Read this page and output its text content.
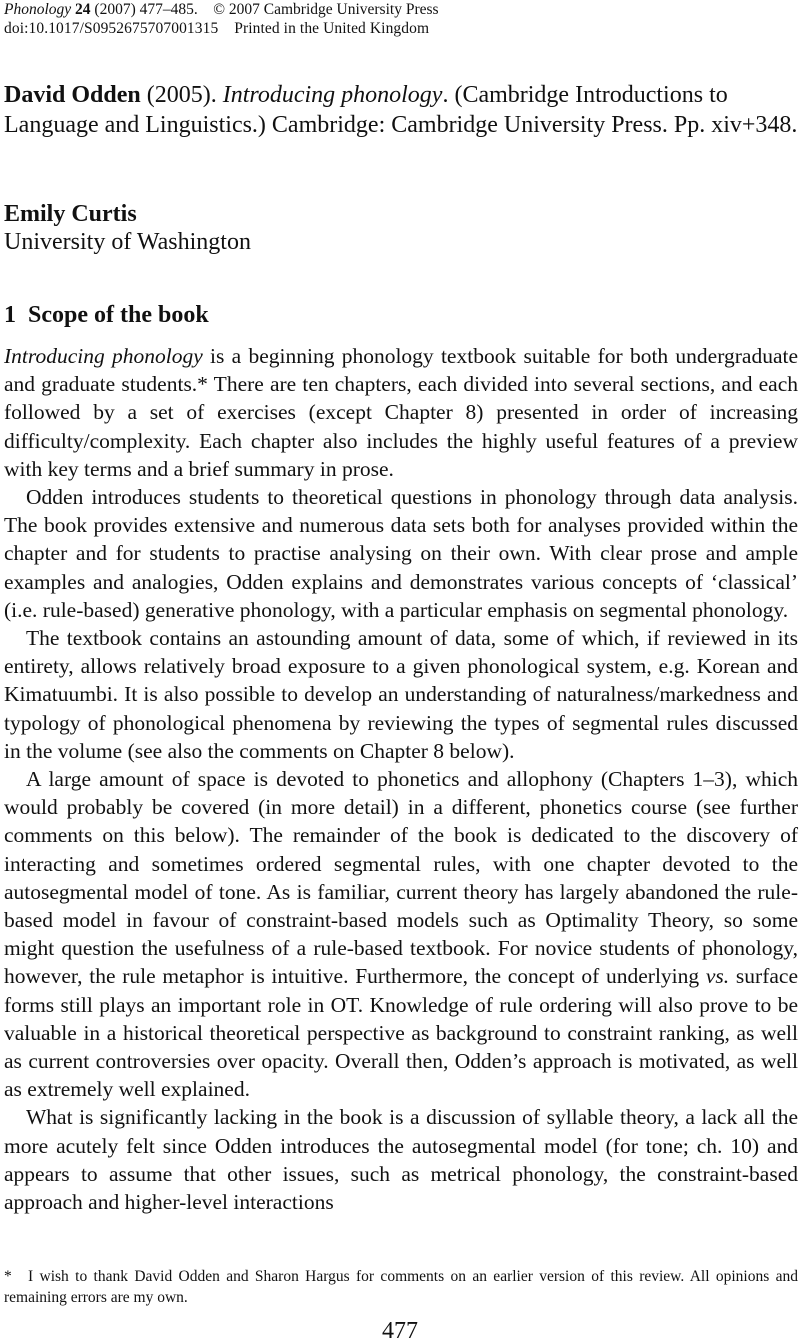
Phonology 24 (2007) 477–485. © 2007 Cambridge University Press
doi:10.1017/S0952675707001315 Printed in the United Kingdom
David Odden (2005). Introducing phonology. (Cambridge Introductions to Language and Linguistics.) Cambridge: Cambridge University Press. Pp. xiv+348.
Emily Curtis
University of Washington
1 Scope of the book

Introducing phonology is a beginning phonology textbook suitable for both undergraduate and graduate students.* There are ten chapters, each divided into several sections, and each followed by a set of exercises (except Chapter 8) presented in order of increasing difficulty/complexity. Each chapter also includes the highly useful features of a preview with key terms and a brief summary in prose.

Odden introduces students to theoretical questions in phonology through data analysis. The book provides extensive and numerous data sets both for analyses provided within the chapter and for students to practise analysing on their own. With clear prose and ample examples and analogies, Odden explains and demonstrates various concepts of ‘classical’ (i.e. rule-based) generative phonology, with a particular emphasis on segmental phonology.

The textbook contains an astounding amount of data, some of which, if reviewed in its entirety, allows relatively broad exposure to a given phonological system, e.g. Korean and Kimatuumbi. It is also possible to develop an understanding of naturalness/markedness and typology of phonological phenomena by reviewing the types of segmental rules discussed in the volume (see also the comments on Chapter 8 below).

A large amount of space is devoted to phonetics and allophony (Chapters 1–3), which would probably be covered (in more detail) in a different, phonetics course (see further comments on this below). The remainder of the book is dedicated to the discovery of interacting and sometimes ordered segmental rules, with one chapter devoted to the autosegmental model of tone. As is familiar, current theory has largely abandoned the rule-based model in favour of constraint-based models such as Optimality Theory, so some might question the usefulness of a rule-based textbook. For novice students of phonology, however, the rule metaphor is intuitive. Furthermore, the concept of underlying vs. surface forms still plays an important role in OT. Knowledge of rule ordering will also prove to be valuable in a historical theoretical perspective as background to constraint ranking, as well as current controversies over opacity. Overall then, Odden’s approach is motivated, as well as extremely well explained.

What is significantly lacking in the book is a discussion of syllable theory, a lack all the more acutely felt since Odden introduces the autosegmental model (for tone; ch. 10) and appears to assume that other issues, such as metrical phonology, the constraint-based approach and higher-level interactions

* I wish to thank David Odden and Sharon Hargus for comments on an earlier version of this review. All opinions and remaining errors are my own.
477
